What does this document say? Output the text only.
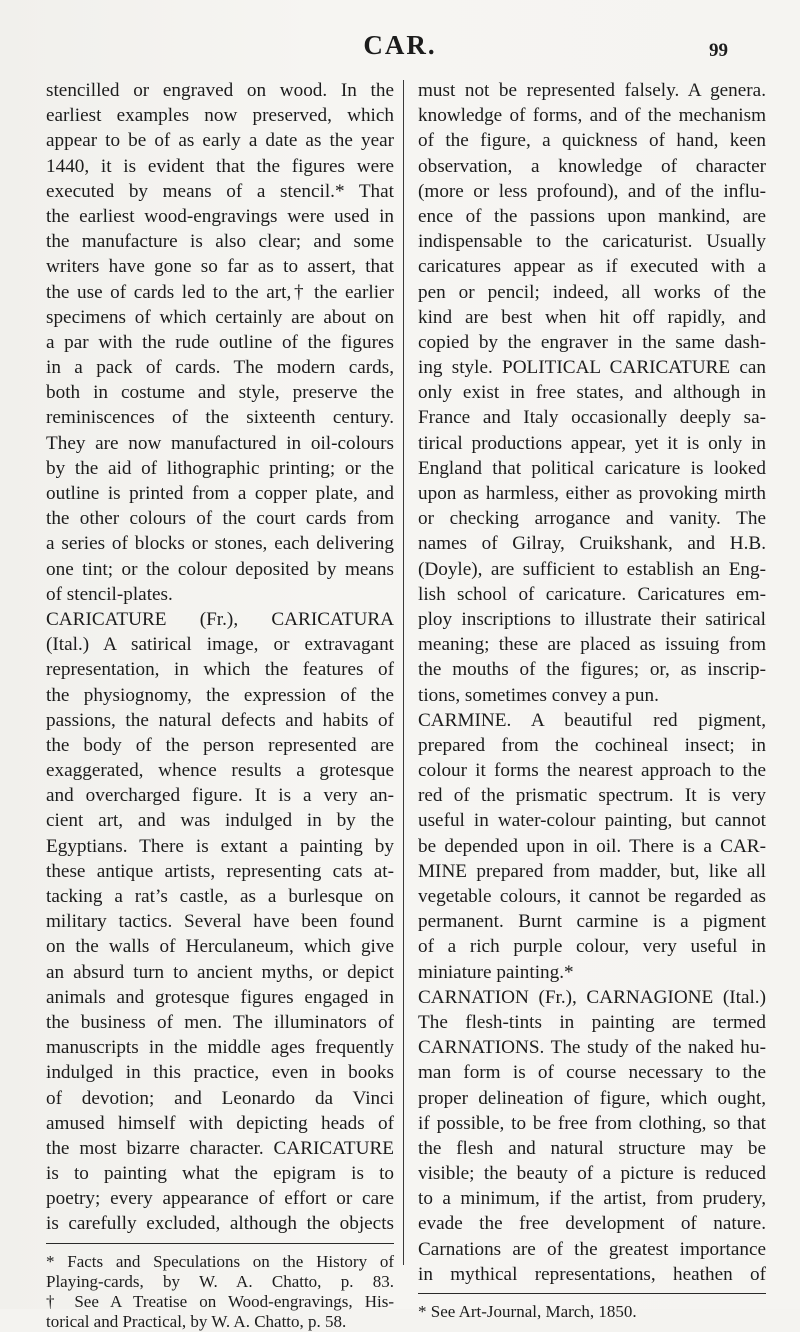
CAR.	99
stencilled or engraved on wood. In the
earliest examples now preserved, which
appear to be of as early a date as the year
1440, it is evident that the figures were
executed by means of a stencil.* That
the earliest wood-engravings were used in
the manufacture is also clear; and some
writers have gone so far as to assert, that
the use of cards led to the art,† the earlier
specimens of which certainly are about on
a par with the rude outline of the figures
in a pack of cards. The modern cards,
both in costume and style, preserve the
reminiscences of the sixteenth century.
They are now manufactured in oil-colours
by the aid of lithographic printing; or the
outline is printed from a copper plate, and
the other colours of the court cards from
a series of blocks or stones, each delivering
one tint; or the colour deposited by means
of stencil-plates.
CARICATURE (Fr.), CARICATURA
(Ital.) A satirical image, or extravagant
representation, in which the features of
the physiognomy, the expression of the
passions, the natural defects and habits of
the body of the person represented are
exaggerated, whence results a grotesque
and overcharged figure. It is a very an-
cient art, and was indulged in by the
Egyptians. There is extant a painting by
these antique artists, representing cats at-
tacking a rat’s castle, as a burlesque on
military tactics. Several have been found
on the walls of Herculaneum, which give
an absurd turn to ancient myths, or depict
animals and grotesque figures engaged in
the business of men. The illuminators of
manuscripts in the middle ages frequently
indulged in this practice, even in books
of devotion; and Leonardo da Vinci
amused himself with depicting heads of
the most bizarre character. CARICATURE
is to painting what the epigram is to
poetry; every appearance of effort or care
is carefully excluded, although the objects
* Facts and Speculations on the History of
Playing-cards, by W. A. Chatto, p. 83.
† See A Treatise on Wood-engravings, His-
torical and Practical, by W. A. Chatto, p. 58.
must not be represented falsely. A genera.
knowledge of forms, and of the mechanism
of the figure, a quickness of hand, keen
observation, a knowledge of character
(more or less profound), and of the influ-
ence of the passions upon mankind, are
indispensable to the caricaturist. Usually
caricatures appear as if executed with a
pen or pencil; indeed, all works of the
kind are best when hit off rapidly, and
copied by the engraver in the same dash-
ing style. POLITICAL CARICATURE can
only exist in free states, and although in
France and Italy occasionally deeply sa-
tirical productions appear, yet it is only in
England that political caricature is looked
upon as harmless, either as provoking mirth
or checking arrogance and vanity. The
names of Gilray, Cruikshank, and H.B.
(Doyle), are sufficient to establish an Eng-
lish school of caricature. Caricatures em-
ploy inscriptions to illustrate their satirical
meaning; these are placed as issuing from
the mouths of the figures; or, as inscrip-
tions, sometimes convey a pun.
CARMINE. A beautiful red pigment,
prepared from the cochineal insect; in
colour it forms the nearest approach to the
red of the prismatic spectrum. It is very
useful in water-colour painting, but cannot
be depended upon in oil. There is a CAR-
MINE prepared from madder, but, like all
vegetable colours, it cannot be regarded as
permanent. Burnt carmine is a pigment
of a rich purple colour, very useful in
miniature painting.*
CARNATION (Fr.), CARNAGIONE (Ital.)
The flesh-tints in painting are termed
CARNATIONS. The study of the naked hu-
man form is of course necessary to the
proper delineation of figure, which ought,
if possible, to be free from clothing, so that
the flesh and natural structure may be
visible; the beauty of a picture is reduced
to a minimum, if the artist, from prudery,
evade the free development of nature.
Carnations are of the greatest importance
in mythical representations, heathen of
* See Art-Journal, March, 1850.
